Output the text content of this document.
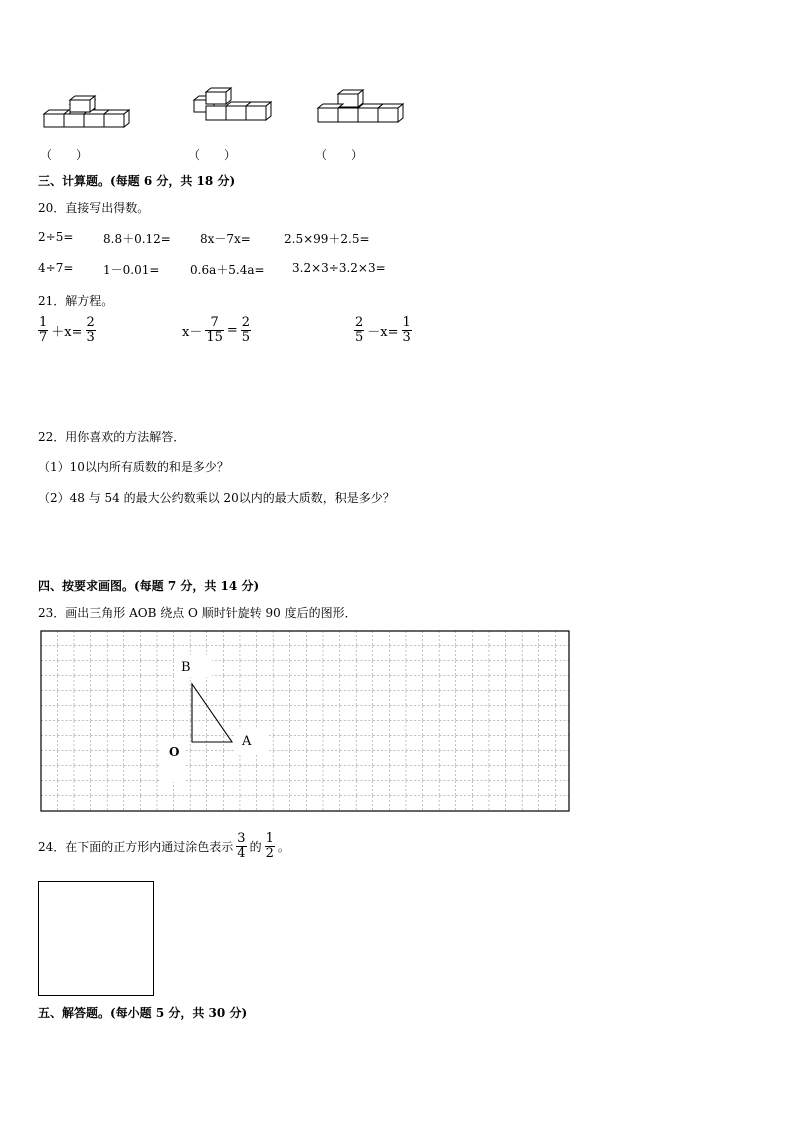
（　　）	（　　）	（　　）
三、计算题。(每题 6 分，共 18 分)
20．直接写出得数。
2÷5= 8.8＋0.12= 8x－7x=	2.5×99＋2.5=
4÷7= 1－0.01=	0.6a＋5.4a= 3.2×3÷3.2×3=
21．解方程。
$\frac{1}{7} +x= \frac{2}{3}$	$x- \frac{7}{15} = \frac{2}{5}$	$\frac{2}{5} -x= \frac{1}{3}$
22．用你喜欢的方法解答．
（1）10以内所有质数的和是多少？
（2）48 与 54 的最大公约数乘以 20以内的最大质数，积是多少？
四、按要求画图。(每题 7 分，共 14 分)
23．画出三角形 AOB 绕点 O 顺时针旋转 90 度后的图形．
B
A
O
24．在下面的正方形内通过涂色表示 $\frac{3}{4}$ 的 $\frac{1}{2}$ 。
五、解答题。(每小题 5 分，共 30 分)
